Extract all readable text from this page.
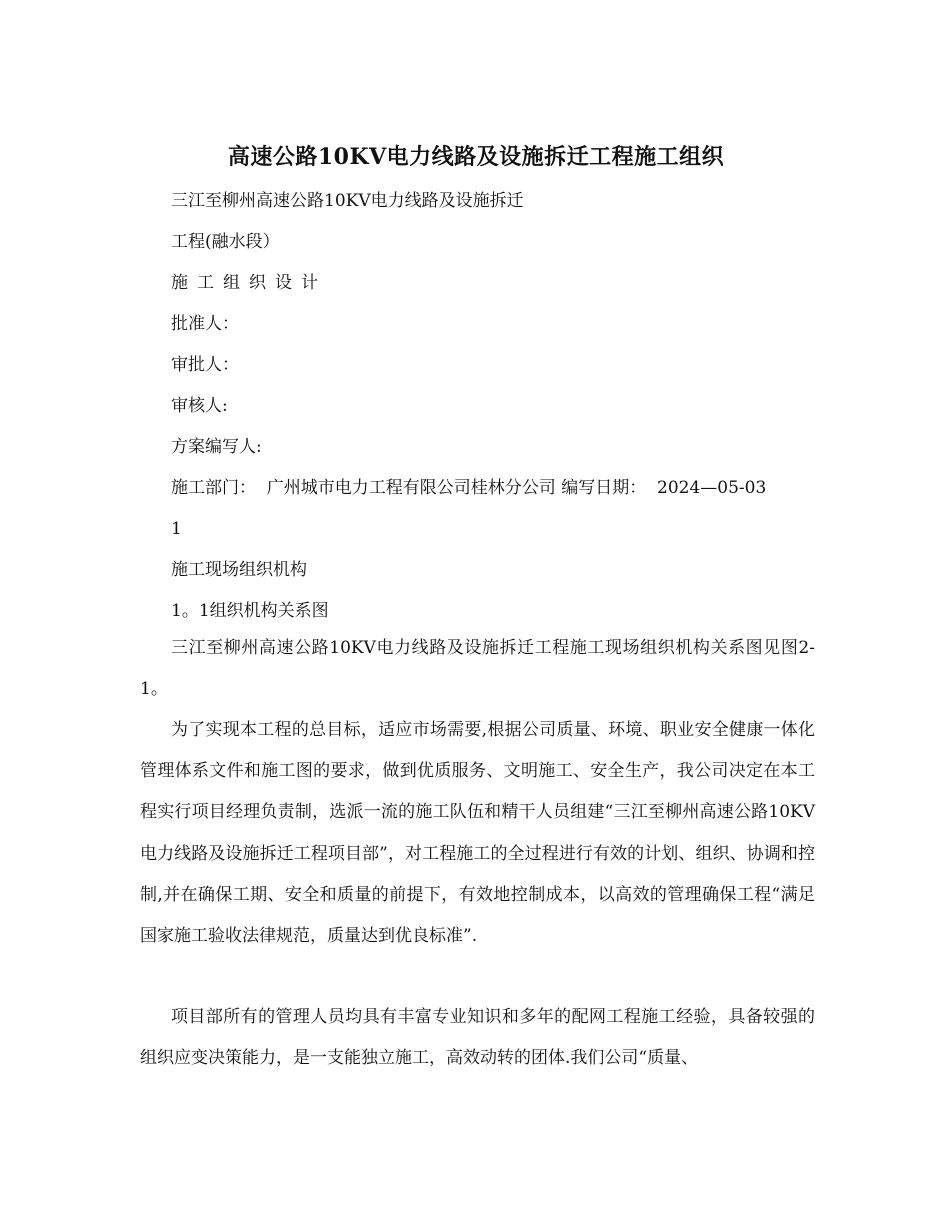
高速公路10KV电力线路及设施拆迁工程施工组织
三江至柳州高速公路10KV电力线路及设施拆迁
工程(融水段）
施工组织设计
批准人：
审批人：
审核人:
方案编写人:
施工部门：  广州城市电力工程有限公司桂林分公司 编写日期：  2024—05-03
1
施工现场组织机构
1。1组织机构关系图
三江至柳州高速公路10KV电力线路及设施拆迁工程施工现场组织机构关系图见图2-1。
为了实现本工程的总目标，适应市场需要,根据公司质量、环境、职业安全健康一体化管理体系文件和施工图的要求，做到优质服务、文明施工、安全生产，我公司决定在本工程实行项目经理负责制，选派一流的施工队伍和精干人员组建“三江至柳州高速公路10KV电力线路及设施拆迁工程项目部”，对工程施工的全过程进行有效的计划、组织、协调和控制,并在确保工期、安全和质量的前提下，有效地控制成本，以高效的管理确保工程“满足国家施工验收法律规范，质量达到优良标准”.
项目部所有的管理人员均具有丰富专业知识和多年的配网工程施工经验，具备较强的组织应变决策能力，是一支能独立施工，高效动转的团体.我们公司“质量、
